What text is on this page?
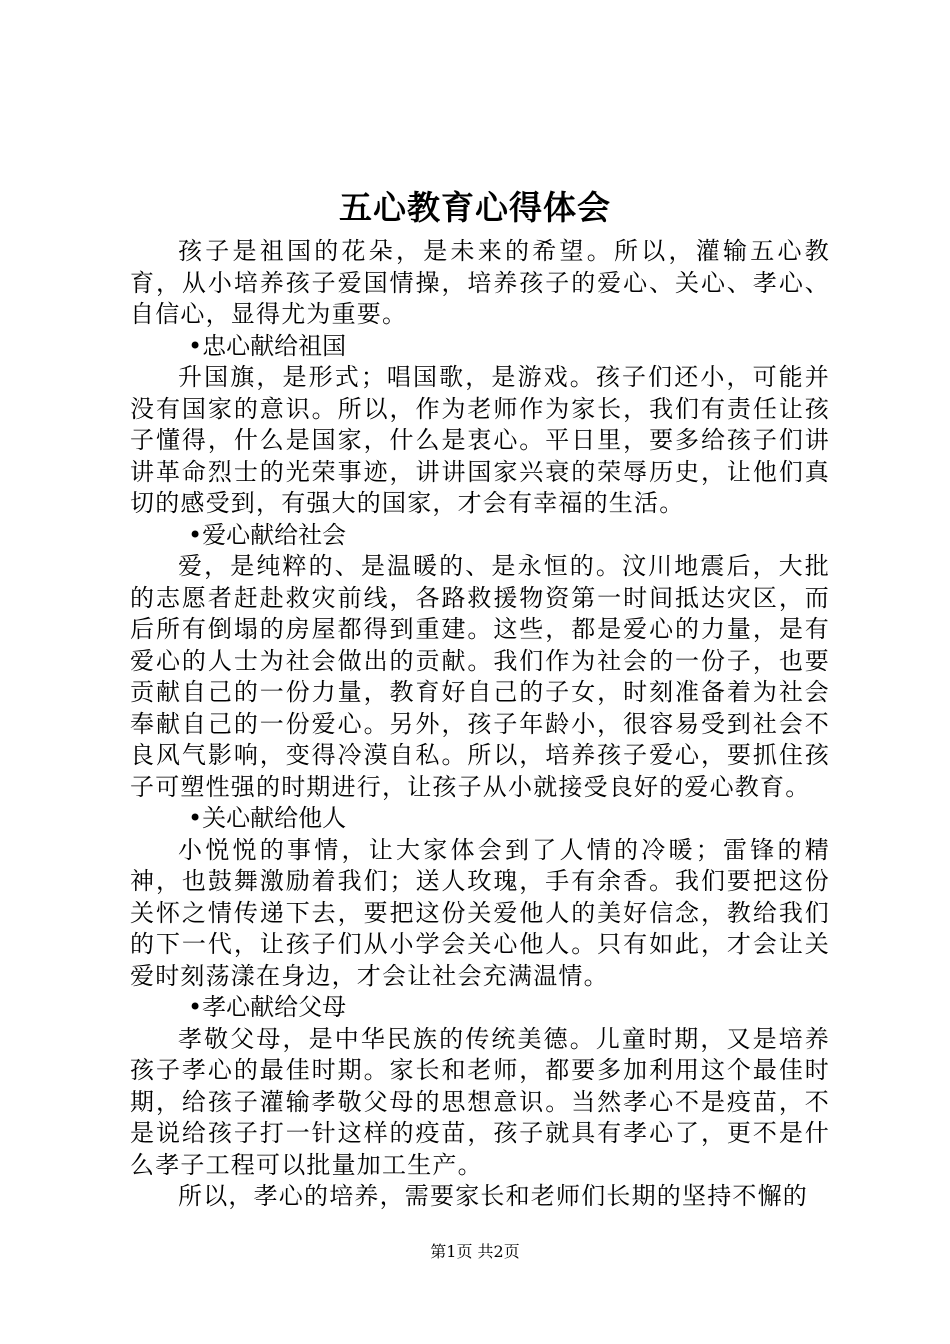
五心教育心得体会

孩子是祖国的花朵，是未来的希望。所以，灌输五心教育，从小培养孩子爱国情操，培养孩子的爱心、关心、孝心、自信心，显得尤为重要。

•忠心献给祖国

升国旗，是形式；唱国歌，是游戏。孩子们还小，可能并没有国家的意识。所以，作为老师作为家长，我们有责任让孩子懂得，什么是国家，什么是衷心。平日里，要多给孩子们讲讲革命烈士的光荣事迹，讲讲国家兴衰的荣辱历史，让他们真切的感受到，有强大的国家，才会有幸福的生活。

•爱心献给社会

爱，是纯粹的、是温暖的、是永恒的。汶川地震后，大批的志愿者赶赴救灾前线，各路救援物资第一时间抵达灾区，而后所有倒塌的房屋都得到重建。这些，都是爱心的力量，是有爱心的人士为社会做出的贡献。我们作为社会的一份子，也要贡献自己的一份力量，教育好自己的子女，时刻准备着为社会奉献自己的一份爱心。另外，孩子年龄小，很容易受到社会不良风气影响，变得冷漠自私。所以，培养孩子爱心，要抓住孩子可塑性强的时期进行，让孩子从小就接受良好的爱心教育。

•关心献给他人

小悦悦的事情，让大家体会到了人情的冷暖；雷锋的精神，也鼓舞激励着我们；送人玫瑰，手有余香。我们要把这份关怀之情传递下去，要把这份关爱他人的美好信念，教给我们的下一代，让孩子们从小学会关心他人。只有如此，才会让关爱时刻荡漾在身边，才会让社会充满温情。

•孝心献给父母

孝敬父母，是中华民族的传统美德。儿童时期，又是培养孩子孝心的最佳时期。家长和老师，都要多加利用这个最佳时期，给孩子灌输孝敬父母的思想意识。当然孝心不是疫苗，不是说给孩子打一针这样的疫苗，孩子就具有孝心了，更不是什么孝子工程可以批量加工生产。

所以，孝心的培养，需要家长和老师们长期的坚持不懈的

第1页 共2页
